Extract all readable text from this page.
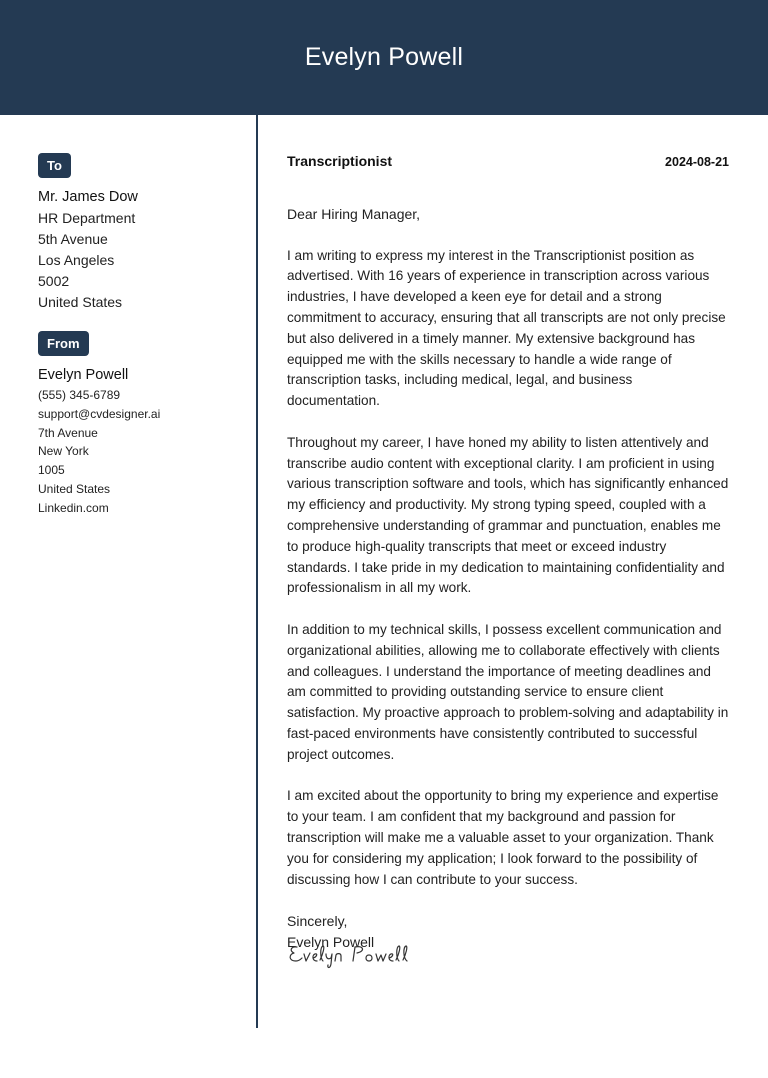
Evelyn Powell
To
Mr. James Dow
HR Department
5th Avenue
Los Angeles
5002
United States
From
Evelyn Powell
(555) 345-6789
support@cvdesigner.ai
7th Avenue
New York
1005
United States
Linkedin.com
Transcriptionist	2024-08-21
Dear Hiring Manager,
I am writing to express my interest in the Transcriptionist position as advertised. With 16 years of experience in transcription across various industries, I have developed a keen eye for detail and a strong commitment to accuracy, ensuring that all transcripts are not only precise but also delivered in a timely manner. My extensive background has equipped me with the skills necessary to handle a wide range of transcription tasks, including medical, legal, and business documentation.
Throughout my career, I have honed my ability to listen attentively and transcribe audio content with exceptional clarity. I am proficient in using various transcription software and tools, which has significantly enhanced my efficiency and productivity. My strong typing speed, coupled with a comprehensive understanding of grammar and punctuation, enables me to produce high-quality transcripts that meet or exceed industry standards. I take pride in my dedication to maintaining confidentiality and professionalism in all my work.
In addition to my technical skills, I possess excellent communication and organizational abilities, allowing me to collaborate effectively with clients and colleagues. I understand the importance of meeting deadlines and am committed to providing outstanding service to ensure client satisfaction. My proactive approach to problem-solving and adaptability in fast-paced environments have consistently contributed to successful project outcomes.
I am excited about the opportunity to bring my experience and expertise to your team. I am confident that my background and passion for transcription will make me a valuable asset to your organization. Thank you for considering my application; I look forward to the possibility of discussing how I can contribute to your success.
Sincerely,
Evelyn Powell
